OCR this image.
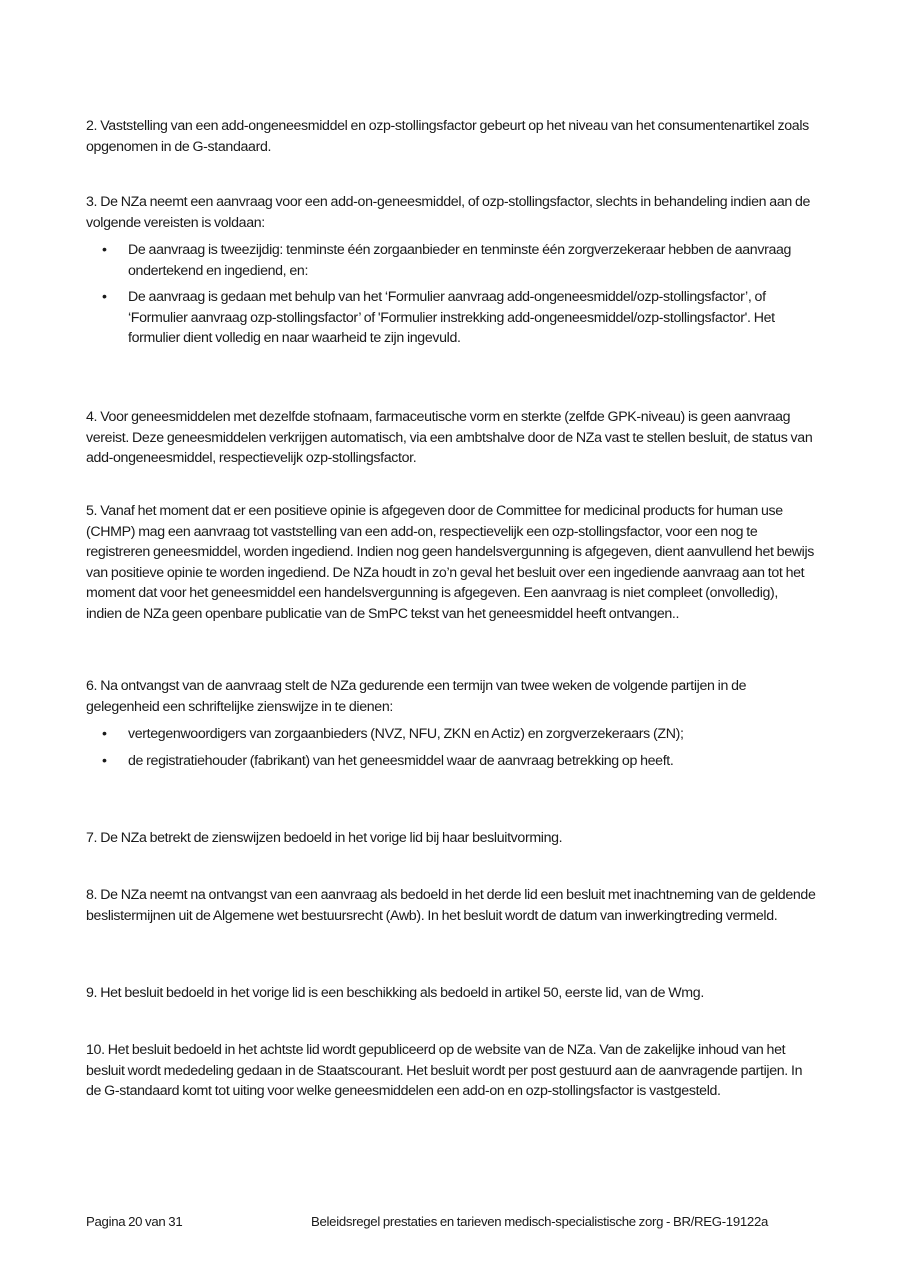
2. Vaststelling van een add-ongeneesmiddel en ozp-stollingsfactor gebeurt op het niveau van het consumentenartikel zoals opgenomen in de G-standaard.

3. De NZa neemt een aanvraag voor een add-on-geneesmiddel, of ozp-stollingsfactor, slechts in behandeling indien aan de volgende vereisten is voldaan:

• De aanvraag is tweezijdig: tenminste één zorgaanbieder en tenminste één zorgverzekeraar hebben de aanvraag ondertekend en ingediend, en:
• De aanvraag is gedaan met behulp van het ‘Formulier aanvraag add-ongeneesmiddel/ozp-stollingsfactor’, of ‘Formulier aanvraag ozp-stollingsfactor’ of 'Formulier instrekking add-ongeneesmiddel/ozp-stollingsfactor'. Het formulier dient volledig en naar waarheid te zijn ingevuld.

4. Voor geneesmiddelen met dezelfde stofnaam, farmaceutische vorm en sterkte (zelfde GPK-niveau) is geen aanvraag vereist. Deze geneesmiddelen verkrijgen automatisch, via een ambtshalve door de NZa vast te stellen besluit, de status van add-ongeneesmiddel, respectievelijk ozp-stollingsfactor.

5. Vanaf het moment dat er een positieve opinie is afgegeven door de Committee for medicinal products for human use (CHMP) mag een aanvraag tot vaststelling van een add-on, respectievelijk een ozp-stollingsfactor, voor een nog te registreren geneesmiddel, worden ingediend. Indien nog geen handelsvergunning is afgegeven, dient aanvullend het bewijs van positieve opinie te worden ingediend. De NZa houdt in zo’n geval het besluit over een ingediende aanvraag aan tot het moment dat voor het geneesmiddel een handelsvergunning is afgegeven. Een aanvraag is niet compleet (onvolledig), indien de NZa geen openbare publicatie van de SmPC tekst van het geneesmiddel heeft ontvangen..

6. Na ontvangst van de aanvraag stelt de NZa gedurende een termijn van twee weken de volgende partijen in de gelegenheid een schriftelijke zienswijze in te dienen:

• vertegenwoordigers van zorgaanbieders (NVZ, NFU, ZKN en Actiz) en zorgverzekeraars (ZN);
• de registratiehouder (fabrikant) van het geneesmiddel waar de aanvraag betrekking op heeft.

7. De NZa betrekt de zienswijzen bedoeld in het vorige lid bij haar besluitvorming.

8. De NZa neemt na ontvangst van een aanvraag als bedoeld in het derde lid een besluit met inachtneming van de geldende beslistermijnen uit de Algemene wet bestuursrecht (Awb). In het besluit wordt de datum van inwerkingtreding vermeld.

9. Het besluit bedoeld in het vorige lid is een beschikking als bedoeld in artikel 50, eerste lid, van de Wmg.

10. Het besluit bedoeld in het achtste lid wordt gepubliceerd op de website van de NZa. Van de zakelijke inhoud van het besluit wordt mededeling gedaan in de Staatscourant. Het besluit wordt per post gestuurd aan de aanvragende partijen. In de G-standaard komt tot uiting voor welke geneesmiddelen een add-on en ozp-stollingsfactor is vastgesteld.

Pagina 20 van 31	Beleidsregel prestaties en tarieven medisch-specialistische zorg - BR/REG-19122a
